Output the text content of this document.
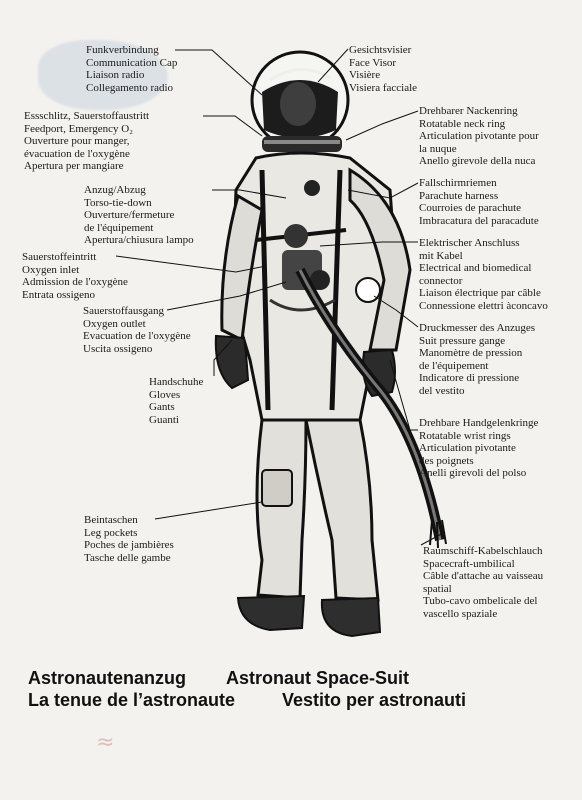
Funkverbindung
Communication Cap
Liaison radio
Collegamento radio
Essschlitz, Sauerstoffaustritt
Feedport, Emergency O₂
Ouverture pour manger,
évacuation de l'oxygène
Apertura per mangiare
Anzug/Abzug
Torso-tie-down
Ouverture/fermeture
de l'équipement
Apertura/chiusura lampo
Sauerstoffeintritt
Oxygen inlet
Admission de l'oxygène
Entrata ossigeno
Sauerstoffausgang
Oxygen outlet
Evacuation de l'oxygène
Uscita ossigeno
Handschuhe
Gloves
Gants
Guanti
Beintaschen
Leg pockets
Poches de jambières
Tasche delle gambe
Gesichtsvisier
Face Visor
Visière
Visiera facciale
Drehbarer Nackenring
Rotatable neck ring
Articulation pivotante pour
la nuque
Anello girevole della nuca
Fallschirmriemen
Parachute harness
Courroies de parachute
Imbracatura del paracadute
Elektrischer Anschluss
mit Kabel
Electrical and biomedical
connector
Liaison électrique par câble
Connessione elettri àconcavo
Druckmesser des Anzuges
Suit pressure gange
Manomètre de pression
de l'équipement
Indicatore di pressione
del vestito
Drehbare Handgelenkringe
Rotatable wrist rings
Articulation pivotante
des poignets
Anelli girevoli del polso
Raumschiff-Kabelschlauch
Spacecraft-umbilical
Câble d'attache au vaisseau
spatial
Tubo-cavo ombelicale del
vascello spaziale
Astronautenanzug Astronaut Space-Suit
La tenue de l’astronaute	Vestito per astronauti
≈
